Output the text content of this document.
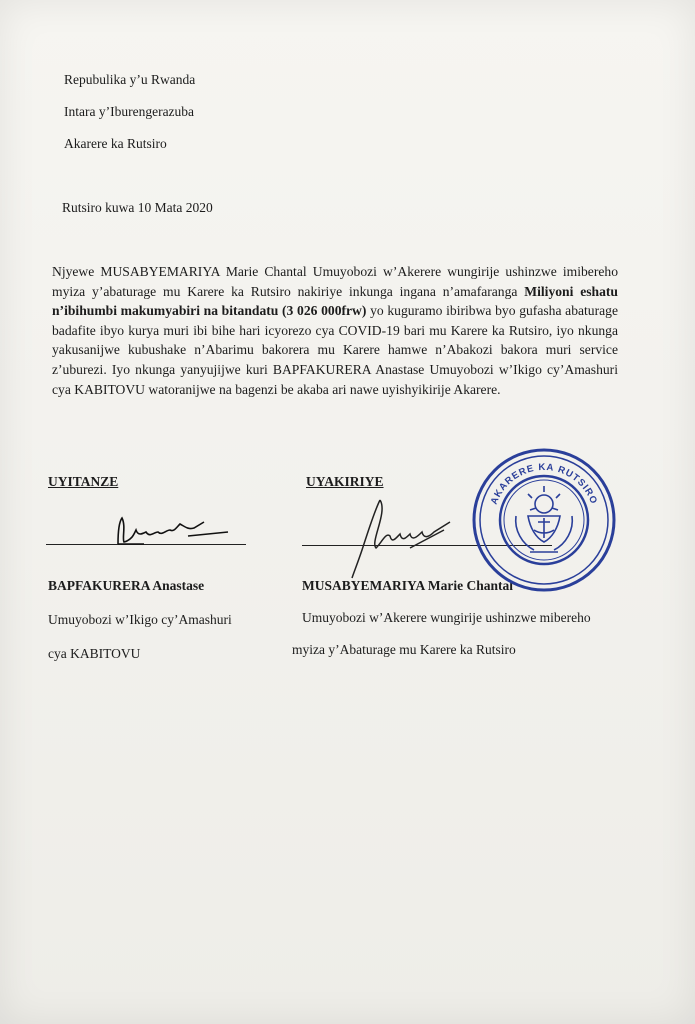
Repubulika y’u Rwanda
Intara y’Iburengerazuba
Akarere ka Rutsiro
Rutsiro kuwa 10 Mata 2020
Njyewe MUSABYEMARIYA Marie Chantal Umuyobozi w’Akerere wungirije ushinzwe imibereho myiza y’abaturage mu Karere ka Rutsiro nakiriye inkunga ingana n’amafaranga Miliyoni eshatu n’ibihumbi makumyabiri na bitandatu (3 026 000frw) yo kuguramo ibiribwa byo gufasha abaturage badafite ibyo kurya muri ibi bihe hari icyorezo cya COVID-19 bari mu Karere ka Rutsiro, iyo nkunga yakusanijwe kubushake n’Abarimu bakorera mu Karere hamwe n’Abakozi bakora muri service z’uburezi. Iyo nkunga yanyujijwe kuri BAPFAKURERA Anastase Umuyobozi w’Ikigo cy’Amashuri cya KABITOVU watoranijwe na bagenzi be akaba ari nawe uyishyikirije Akarere.
UYITANZE
BAPFAKURERA Anastase
Umuyobozi w’Ikigo cy’Amashuri
cya KABITOVU
UYAKIRIYE
MUSABYEMARIYA Marie Chantal
Umuyobozi w’Akerere wungirije ushinzwe mibereho
myiza y’Abaturage mu Karere ka Rutsiro
AKARERE KA RUTSIRO
